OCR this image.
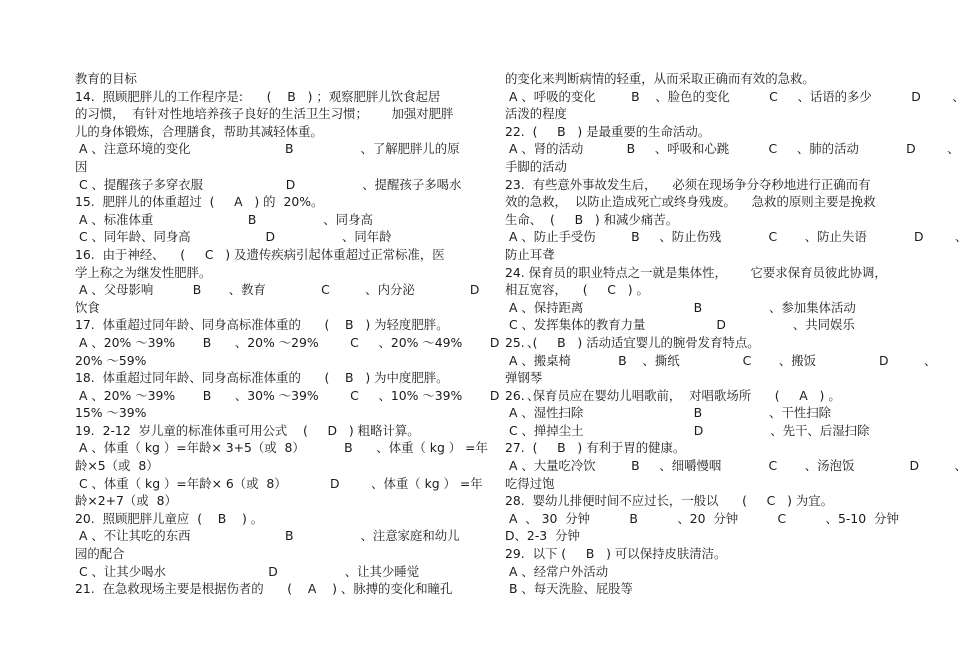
教育的目标
14.  照顾肥胖儿的工作程序是:      (    B   ) ；观察肥胖儿饮食起居
的习惯，  有针对性地培养孩子良好的生活卫生习惯；      加强对肥胖
儿的身体锻炼，合理膳食，帮助其减轻体重。
A 、注意环境的变化                        B                 、了解肥胖儿的原
因
C 、提醒孩子多穿衣服                     D                 、提醒孩子多喝水
15.  肥胖儿的体重超过  (     A   ) 的  20%。
A 、标准体重                        B                 、同身高
C 、同年龄、同身高                   D                 、同年龄
16.  由于神经、    (     C   ) 及遗传疾病引起体重超过正常标准，医
学上称之为继发性肥胖。
A 、父母影响          B       、教育              C         、内分泌              D          、
饮食
17.  体重超过同年龄、同身高标准体重的      (    B   ) 为轻度肥胖。
A 、20% ～39%       B      、20% ～29%        C     、20% ～49%       D       、
20% ～59%
18.  体重超过同年龄、同身高标准体重的      (    B   ) 为中度肥胖。
A 、20% ～39%       B      、30% ～39%        C     、10% ～39%       D       、
15% ～39%
19.  2-12  岁儿童的标准体重可用公式    (     D   ) 粗略计算。
A 、体重（ kg ）=年龄× 3+5（或  8）          B      、体重（ kg ） =年
龄×5（或  8）
C 、体重（ kg ）=年龄× 6（或  8）           D        、体重（ kg ） =年
龄×2+7（或  8）
20.  照顾肥胖儿童应  (    B    ) 。
A 、不让其吃的东西                        B                 、注意家庭和幼儿
园的配合
C 、让其少喝水                          D                 、让其少睡觉
21.  在急救现场主要是根据伤者的      (    A    ) 、脉搏的变化和瞳孔
的变化来判断病情的轻重，从而采取正确而有效的急救。
A 、呼吸的变化         B    、脸色的变化          C     、话语的多少          D        、
活泼的程度
22.  (     B   ) 是最重要的生命活动。
A 、肾的活动           B     、呼吸和心跳          C     、肺的活动            D        、
手脚的活动
23.  有些意外事故发生后，    必须在现场争分夺秒地进行正确而有
效的急救，  以防止造成死亡或终身残废。    急救的原则主要是挽救
生命、  (     B   ) 和减少痛苦。
A 、防止手受伤         B     、防止伤残            C       、防止失语            D        、
防止耳聋
24. 保育员的职业特点之一就是集体性，      它要求保育员彼此协调，
相互宽容，    (     C   ) 。
A 、保持距离                            B                 、参加集体活动
C 、发挥集体的教育力量                  D                 、共同娱乐
25.  (     B   ) 活动适宜婴儿的腕骨发育特点。
A 、搬桌椅            B    、撕纸                C       、搬饭                D         、
弹钢琴
26.  保育员应在婴幼儿唱歌前，  对唱歌场所      (     A   ) 。
A 、湿性扫除                            B                 、干性扫除
C 、掸掉尘土                            D                 、先干、后湿扫除
27.  (     B   ) 有利于胃的健康。
A 、大量吃冷饮         B     、细嚼慢咽            C       、汤泡饭              D         、
吃得过饱
28.  婴幼儿排便时间不应过长，一般以      (     C   ) 为宜。
A  、 30  分钟          B          、20  分钟          C          、5-10  分钟
D、2-3  分钟
29.  以下 (     B   ) 可以保持皮肤清洁。
A 、经常户外活动
B 、每天洗脸、屁股等
